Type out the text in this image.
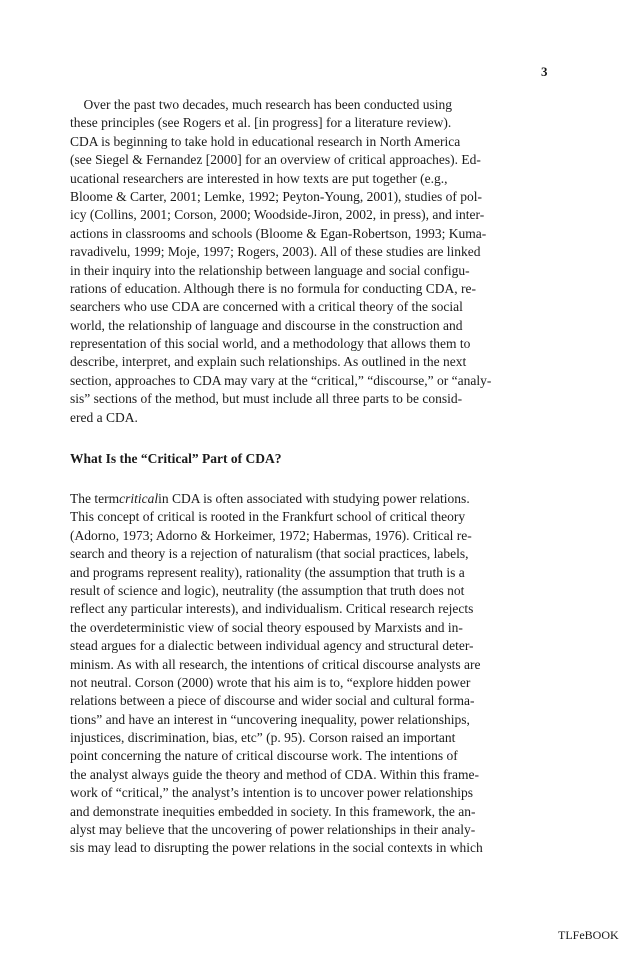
3
Over the past two decades, much research has been conducted using
these principles (see Rogers et al. [in progress] for a literature review).
CDA is beginning to take hold in educational research in North America
(see Siegel & Fernandez [2000] for an overview of critical approaches). Ed-
ucational researchers are interested in how texts are put together (e.g.,
Bloome & Carter, 2001; Lemke, 1992; Peyton-Young, 2001), studies of pol-
icy (Collins, 2001; Corson, 2000; Woodside-Jiron, 2002, in press), and inter-
actions in classrooms and schools (Bloome & Egan-Robertson, 1993; Kuma-
ravadivelu, 1999; Moje, 1997; Rogers, 2003). All of these studies are linked
in their inquiry into the relationship between language and social configu-
rations of education. Although there is no formula for conducting CDA, re-
searchers who use CDA are concerned with a critical theory of the social
world, the relationship of language and discourse in the construction and
representation of this social world, and a methodology that allows them to
describe, interpret, and explain such relationships. As outlined in the next
section, approaches to CDA may vary at the “critical,” “discourse,” or “analy-
sis” sections of the method, but must include all three parts to be consid-
ered a CDA.
What Is the “Critical” Part of CDA?
The termcriticalin CDA is often associated with studying power relations.
This concept of critical is rooted in the Frankfurt school of critical theory
(Adorno, 1973; Adorno & Horkeimer, 1972; Habermas, 1976). Critical re-
search and theory is a rejection of naturalism (that social practices, labels,
and programs represent reality), rationality (the assumption that truth is a
result of science and logic), neutrality (the assumption that truth does not
reflect any particular interests), and individualism. Critical research rejects
the overdeterministic view of social theory espoused by Marxists and in-
stead argues for a dialectic between individual agency and structural deter-
minism. As with all research, the intentions of critical discourse analysts are
not neutral. Corson (2000) wrote that his aim is to, “explore hidden power
relations between a piece of discourse and wider social and cultural forma-
tions” and have an interest in “uncovering inequality, power relationships,
injustices, discrimination, bias, etc” (p. 95). Corson raised an important
point concerning the nature of critical discourse work. The intentions of
the analyst always guide the theory and method of CDA. Within this frame-
work of “critical,” the analyst’s intention is to uncover power relationships
and demonstrate inequities embedded in society. In this framework, the an-
alyst may believe that the uncovering of power relationships in their analy-
sis may lead to disrupting the power relations in the social contexts in which
TLFeBOOK
